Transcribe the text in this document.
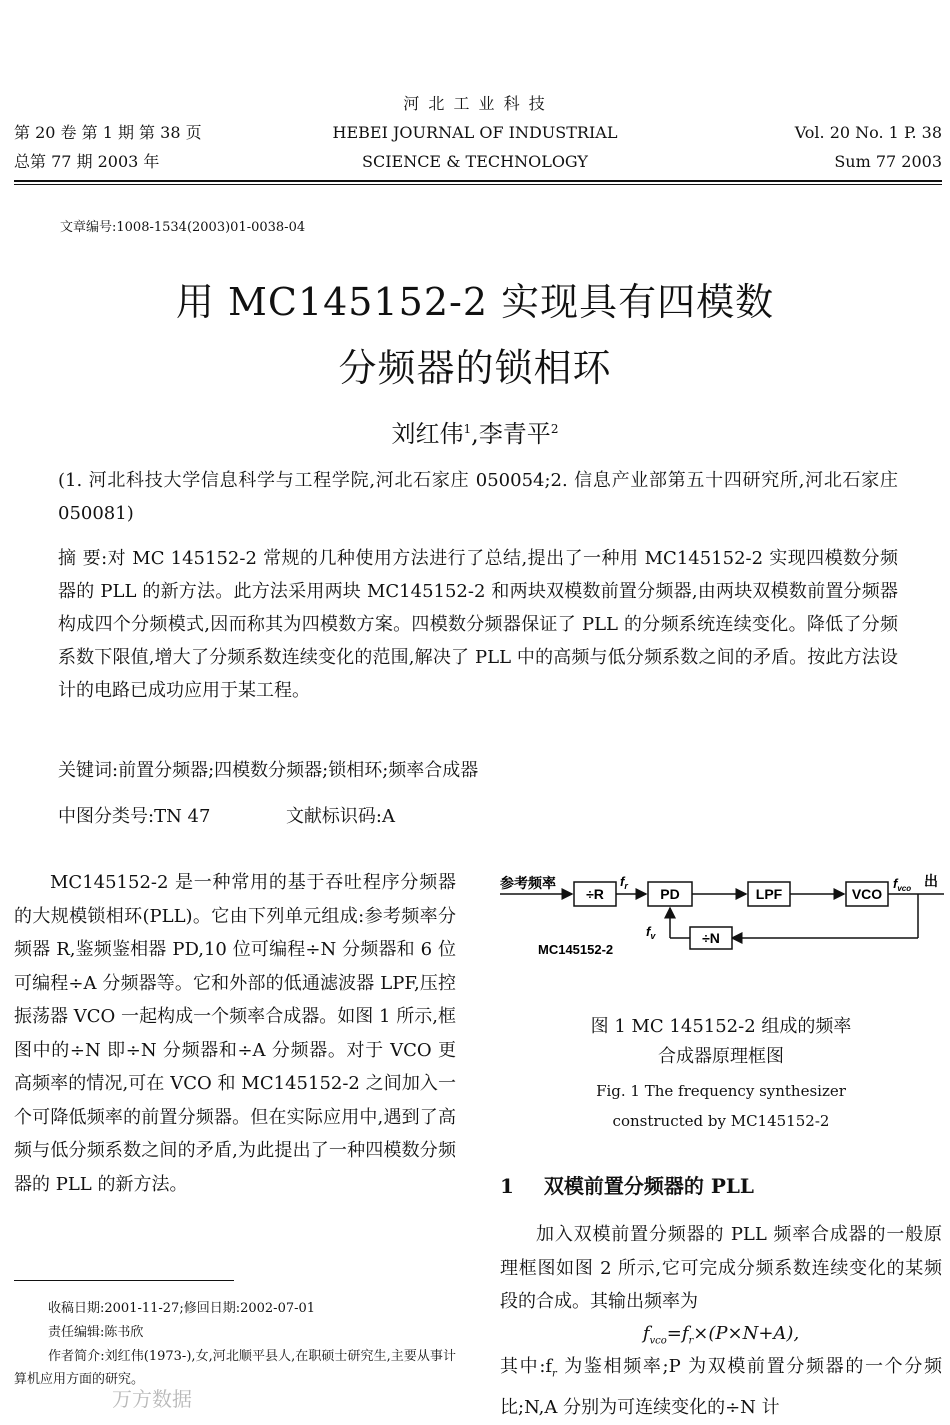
河 北 工 业 科 技
第 20 卷 第 1 期 第 38 页
总第 77 期 2003 年
HEBEI JOURNAL OF INDUSTRIAL
SCIENCE & TECHNOLOGY
Vol. 20 No. 1 P. 38
Sum 77 2003
文章编号:1008-1534(2003)01-0038-04
用 MC145152-2 实现具有四模数
分频器的锁相环
刘红伟$^1$,李青平$^2$
(1. 河北科技大学信息科学与工程学院,河北石家庄 050054;2. 信息产业部第五十四研究所,河北石家庄 050081)
摘 要:对 MC 145152-2 常规的几种使用方法进行了总结,提出了一种用 MC145152-2 实现四模数分频器的 PLL 的新方法。此方法采用两块 MC145152-2 和两块双模数前置分频器,由两块双模数前置分频器构成四个分频模式,因而称其为四模数方案。四模数分频器保证了 PLL 的分频系统连续变化。降低了分频系数下限值,增大了分频系数连续变化的范围,解决了 PLL 中的高频与低分频系数之间的矛盾。按此方法设计的电路已成功应用于某工程。
关键词:前置分频器;四模数分频器;锁相环;频率合成器
中图分类号:TN 47	文献标识码:A
MC145152-2 是一种常用的基于吞吐程序分频器的大规模锁相环(PLL)。它由下列单元组成:参考频率分频器 R,鉴频鉴相器 PD,10 位可编程÷N 分频器和 6 位可编程÷A 分频器等。它和外部的低通滤波器 LPF,压控振荡器 VCO 一起构成一个频率合成器。如图 1 所示,框图中的÷N 即÷N 分频器和÷A 分频器。对于 VCO 更高频率的情况,可在 VCO 和 MC145152-2 之间加入一个可降低频率的前置分频器。但在实际应用中,遇到了高频与低分频系数之间的矛盾,为此提出了一种四模数分频器的 PLL 的新方法。
收稿日期:2001-11-27;修回日期:2002-07-01
责任编辑:陈书欣
作者简介:刘红伟(1973-),女,河北顺平县人,在职硕士研究生,主要从事计算机应用方面的研究。
参考频率
÷R
$f_r$ PD	LPF	VCO
$f_{vco}$ 出
÷N
$f_v$
MC145152-2
图 1 MC 145152-2 组成的频率
合成器原理框图
Fig. 1 The frequency synthesizer
constructed by MC145152-2
1 双模前置分频器的 PLL
加入双模前置分频器的 PLL 频率合成器的一般原理框图如图 2 所示,它可完成分频系数连续变化的某频段的合成。其输出频率为
$f_{vco}=f_r\times(P\times N+A)$,
其中$:f_r$ 为鉴相频率;P 为双模前置分频器的一个分频比;N,A 分别为可连续变化的÷N 计
万方数据
